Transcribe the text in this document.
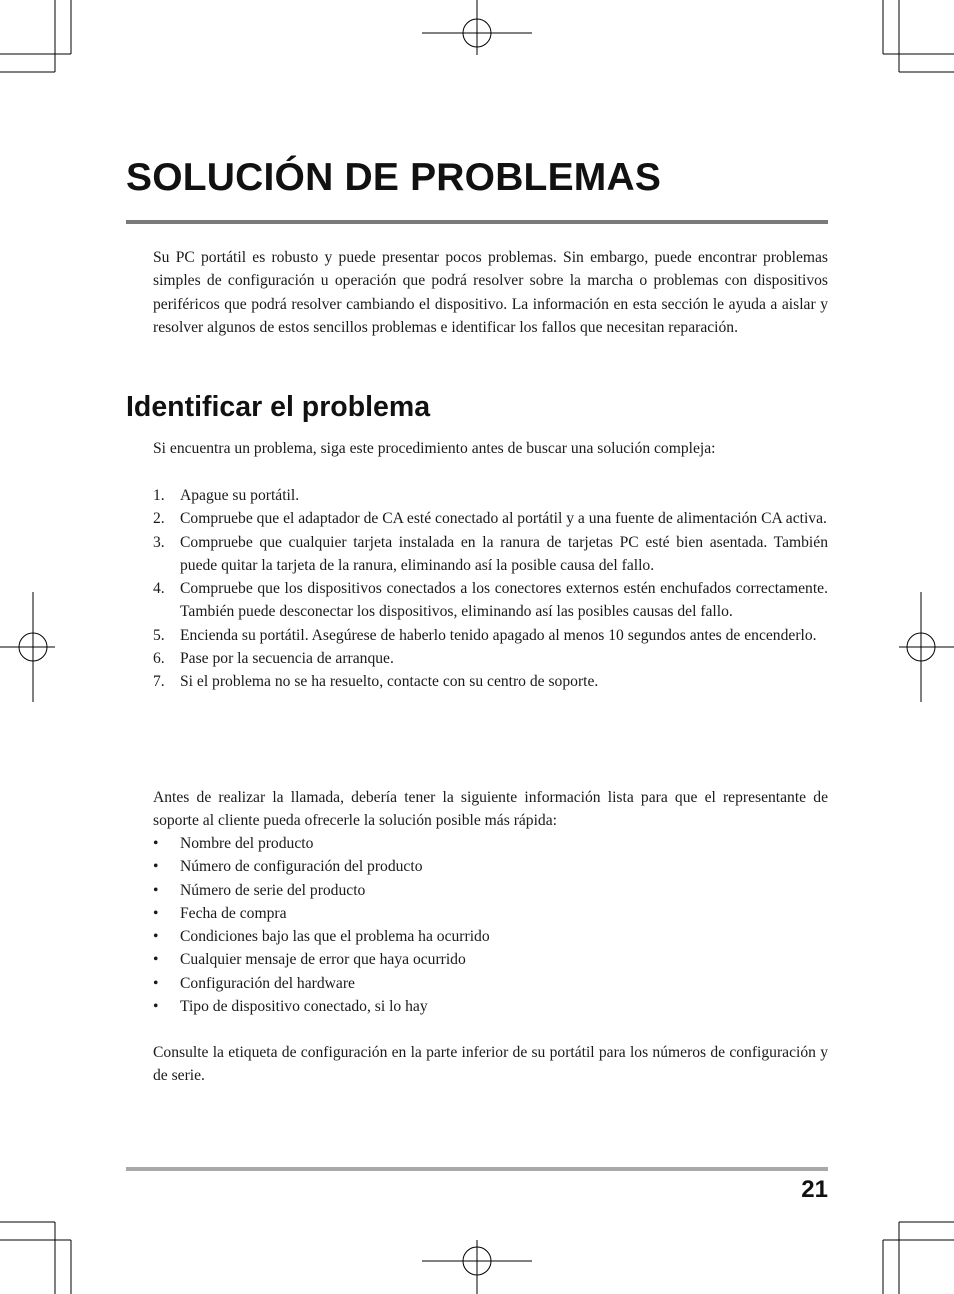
SOLUCIÓN DE PROBLEMAS

Su PC portátil es robusto y puede presentar pocos problemas. Sin embargo, puede encontrar problemas simples de configuración u operación que podrá resolver sobre la marcha o problemas con dispositivos periféricos que podrá resolver cambiando el dispositivo. La información en esta sección le ayuda a aislar y resolver algunos de estos sencillos problemas e identificar los fallos que necesitan reparación.

Identificar el problema

Si encuentra un problema, siga este procedimiento antes de buscar una solución compleja:

1. Apague su portátil.
2. Compruebe que el adaptador de CA esté conectado al portátil y a una fuente de alimentación CA activa.
3. Compruebe que cualquier tarjeta instalada en la ranura de tarjetas PC esté bien asentada. También puede quitar la tarjeta de la ranura, eliminando así la posible causa del fallo.
4. Compruebe que los dispositivos conectados a los conectores externos estén enchufados correctamente. También puede desconectar los dispositivos, eliminando así las posibles causas del fallo.
5. Encienda su portátil. Asegúrese de haberlo tenido apagado al menos 10 segundos antes de encenderlo.
6. Pase por la secuencia de arranque.
7. Si el problema no se ha resuelto, contacte con su centro de soporte.

Antes de realizar la llamada, debería tener la siguiente información lista para que el representante de soporte al cliente pueda ofrecerle la solución posible más rápida:

• Nombre del producto
• Número de configuración del producto
• Número de serie del producto
• Fecha de compra
• Condiciones bajo las que el problema ha ocurrido
• Cualquier mensaje de error que haya ocurrido
• Configuración del hardware
• Tipo de dispositivo conectado, si lo hay

Consulte la etiqueta de configuración en la parte inferior de su portátil para los números de configuración y de serie.

21
